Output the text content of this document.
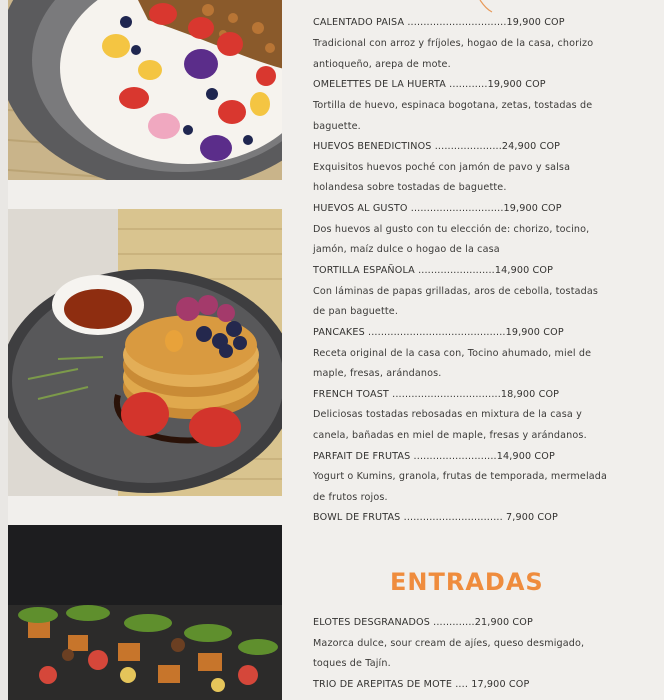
CALENTADO PAISA ...............................19,900 COP
Tradicional con arroz y fríjoles, hogao de la casa, chorizo
antioqueño, arepa de mote.
OMELETTES DE LA HUERTA ............19,900 COP
Tortilla de huevo, espinaca bogotana, zetas, tostadas de
baguette.
HUEVOS BENEDICTINOS .....................24,900 COP
Exquisitos huevos poché con jamón de pavo y salsa
holandesa sobre tostadas de baguette.
HUEVOS AL GUSTO .............................19,900 COP
Dos huevos al gusto con tu elección de: chorizo, tocino,
jamón, maíz dulce o hogao de la casa
TORTILLA ESPAÑOLA ........................14,900 COP
Con láminas de papas grilladas, aros de cebolla, tostadas
de pan baguette.
PANCAKES ...........................................19,900 COP
Receta original de la casa con, Tocino ahumado, miel de
maple, fresas, arándanos.
FRENCH TOAST ..................................18,900 COP
Deliciosas tostadas rebosadas en mixtura de la casa y
canela, bañadas en miel de maple, fresas y arándanos.
PARFAIT DE FRUTAS ..........................14,900 COP
Yogurt o Kumins, granola, frutas de temporada, mermelada
de frutos rojos.
BOWL DE FRUTAS ............................... 7,900 COP
ELOTES DESGRANADOS .............21,900 COP
Mazorca dulce, sour cream de ajíes, queso desmigado,
toques de Tajín.
TRIO DE AREPITAS DE MOTE .... 17,900 COP
ENTRADAS
